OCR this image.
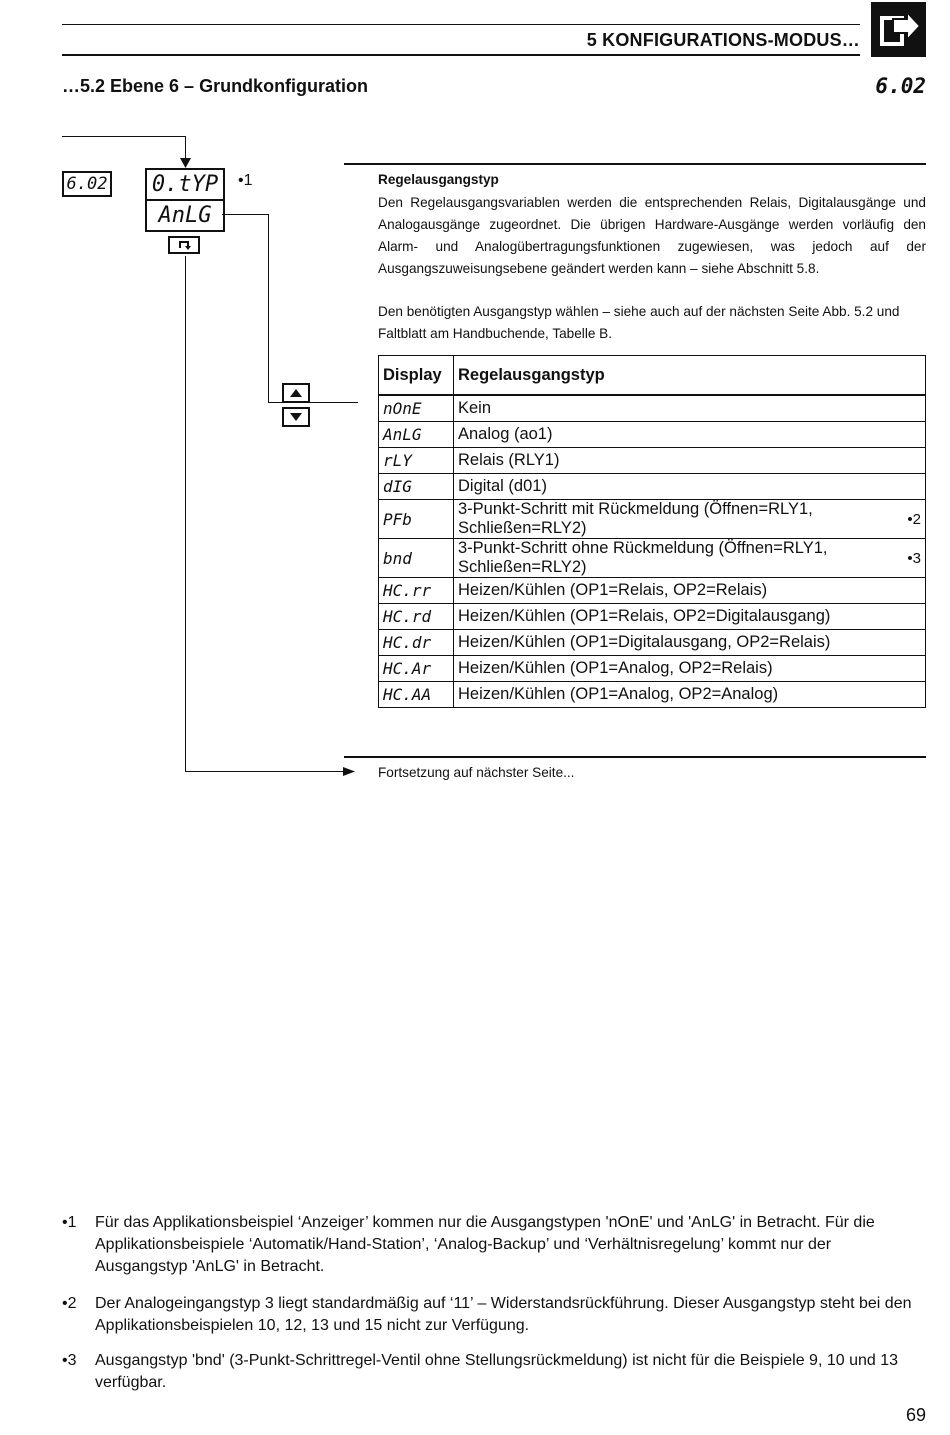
5 KONFIGURATIONS-MODUS…
…5.2 Ebene 6 – Grundkonfiguration	6.02
6.02 0.tYP
AnLG
•1	Regelausgangstyp
Den Regelausgangsvariablen werden die entsprechenden Relais, Digitalausgänge und Analogausgänge zugeordnet. Die übrigen Hardware-Ausgänge werden vorläufig den Alarm- und Analogübertragungsfunktionen zugewiesen, was jedoch auf der Ausgangszuweisungsebene geändert werden kann – siehe Abschnitt 5.8.
Den benötigten Ausgangstyp wählen – siehe auch auf der nächsten Seite Abb. 5.2 und Faltblatt am Handbuchende, Tabelle B.
Display	Regelausgangstyp
nOnE	Kein
AnLG	Analog (ao1)
rLY	Relais (RLY1)
dIG	Digital (d01)
PFb	3-Punkt-Schritt mit Rückmeldung (Öffnen=RLY1, Schließen=RLY2) •2

bnd	3-Punkt-Schritt ohne Rückmeldung (Öffnen=RLY1, Schließen=RLY2) •3

HC.rr	Heizen/Kühlen (OP1=Relais, OP2=Relais)
HC.rd	Heizen/Kühlen (OP1=Relais, OP2=Digitalausgang)
HC.dr	Heizen/Kühlen (OP1=Digitalausgang, OP2=Relais)
HC.Ar	Heizen/Kühlen (OP1=Analog, OP2=Relais)
HC.AA	Heizen/Kühlen (OP1=Analog, OP2=Analog)
Fortsetzung auf nächster Seite...
•1 Für das Applikationsbeispiel ‘Anzeiger’ kommen nur die Ausgangstypen 'nOnE' und 'AnLG' in Betracht. Für die Applikationsbeispiele ‘Automatik/Hand-Station’, ‘Analog-Backup’ und ‘Verhältnisregelung’ kommt nur der Ausgangstyp 'AnLG' in Betracht.
•2 Der Analogeingangstyp 3 liegt standardmäßig auf ‘11’ – Widerstandsrückführung. Dieser Ausgangstyp steht bei den Applikationsbeispielen 10, 12, 13 und 15 nicht zur Verfügung.
•3 Ausgangstyp 'bnd' (3-Punkt-Schrittregel-Ventil ohne Stellungsrückmeldung) ist nicht für die Beispiele 9, 10 und 13 verfügbar.
69
